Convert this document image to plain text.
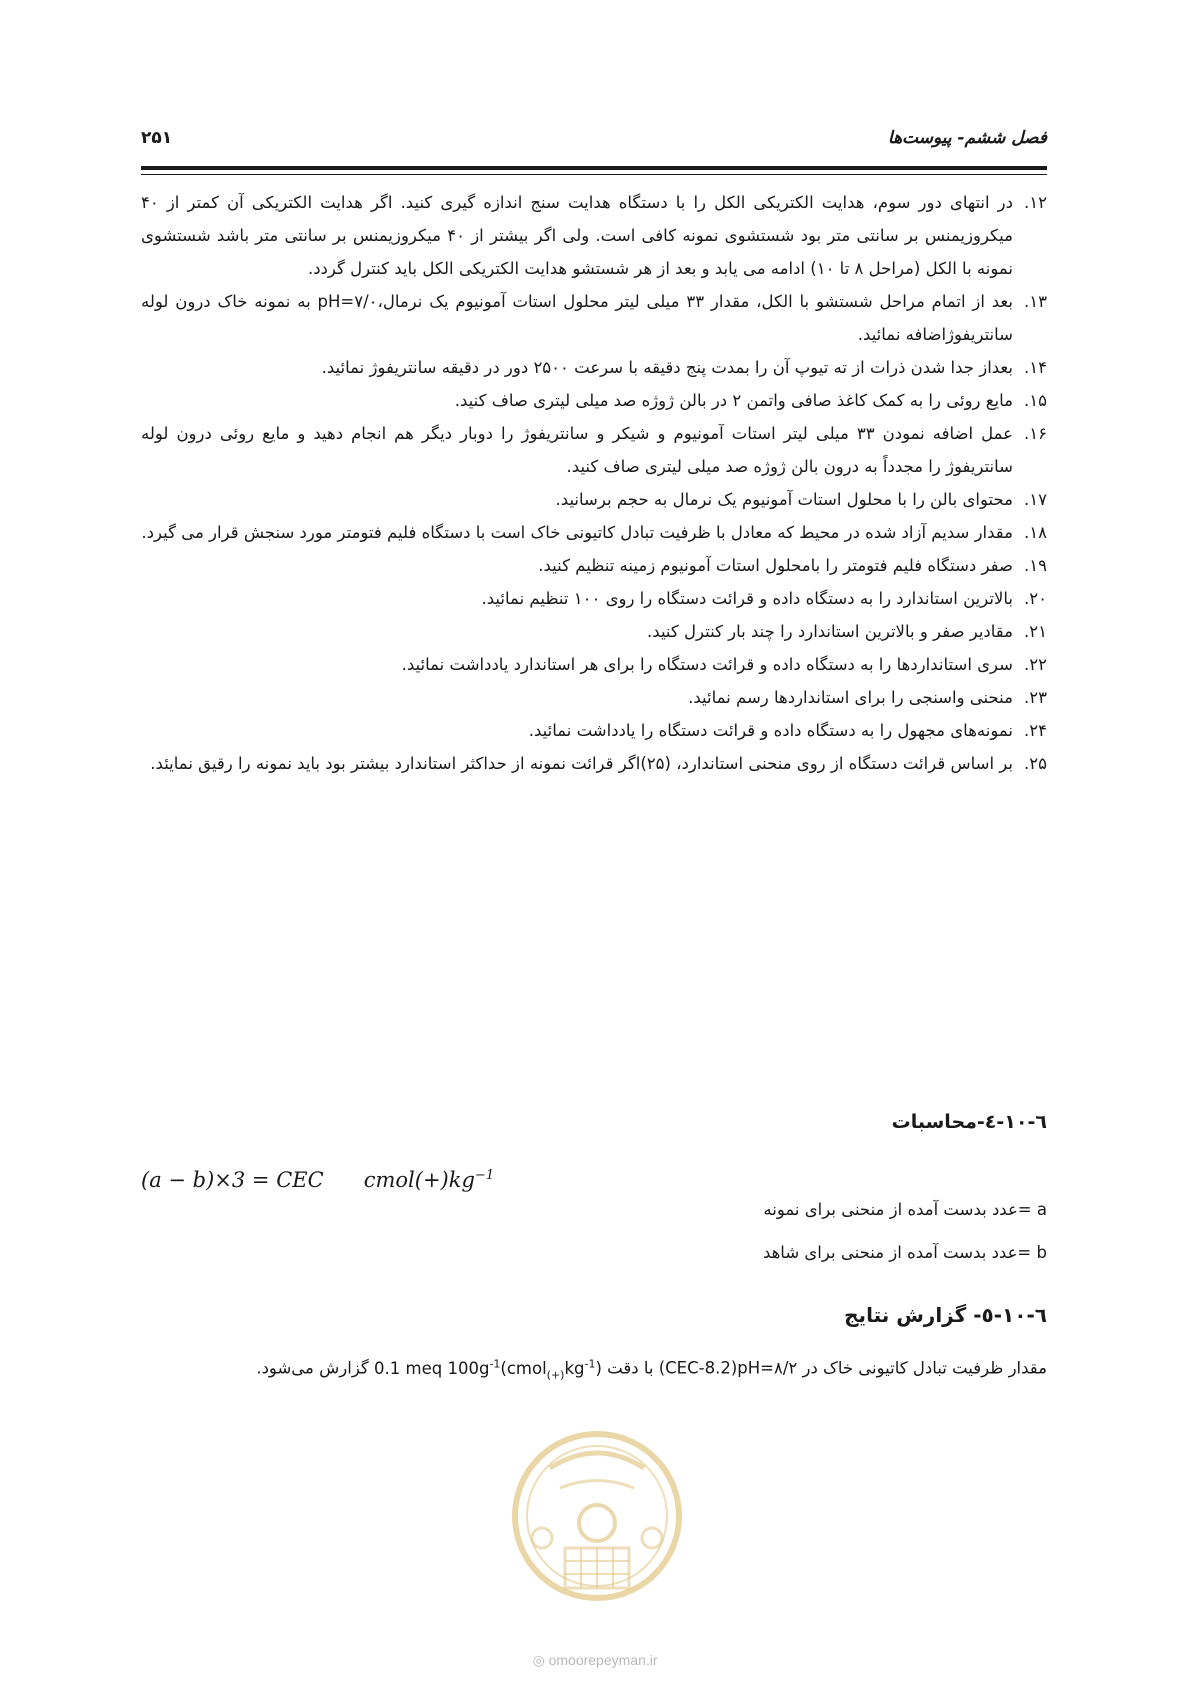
فصل ششم- پیوست‌ها
۲۵۱
۱۲.
در انتهای دور سوم، هدایت الکتریکی الکل را با دستگاه هدایت سنج اندازه گیری کنید. اگر هدایت الکتریکی آن کمتر از ۴۰ میکروزیمنس بر سانتی متر بود شستشوی نمونه کافی است. ولی اگر بیشتر از ۴۰ میکروزیمنس بر سانتی متر باشد شستشوی نمونه با الکل (مراحل ۸ تا ۱۰) ادامه می یابد و بعد از هر شستشو هدایت الکتریکی الکل باید کنترل گردد.
۱۳.
بعد از اتمام مراحل شستشو با الکل، مقدار ۳۳ میلی لیتر محلول استات آمونیوم یک نرمال،pH=۷/۰ به نمونه خاک درون لوله سانتریفوژاضافه نمائید.
۱۴.
بعداز جدا شدن ذرات از ته تیوپ آن را بمدت پنج دقیقه با سرعت ۲۵۰۰ دور در دقیقه سانتریفوژ نمائید.
۱۵.
مایع روئی را به کمک کاغذ صافی واتمن ۲ در بالن ژوژه صد میلی لیتری صاف کنید.
۱۶.
عمل اضافه نمودن ۳۳ میلی لیتر استات آمونیوم و شیکر و سانتریفوژ را دوبار دیگر هم انجام دهید و مایع روئی درون لوله سانتریفوژ را مجدداً به درون بالن ژوژه صد میلی لیتری صاف کنید.
۱۷.
محتوای بالن را با محلول استات آمونیوم یک نرمال به حجم برسانید.
۱۸.
مقدار سدیم آزاد شده در محیط که معادل با ظرفیت تبادل کاتیونی خاک است با دستگاه فلیم فتومتر مورد سنجش قرار می گیرد.
۱۹.
صفر دستگاه فلیم فتومتر را بامحلول استات آمونیوم زمینه تنظیم کنید.
۲۰.
بالاترین استاندارد را به دستگاه داده و قرائت دستگاه را روی ۱۰۰ تنظیم نمائید.
۲۱.
مقادیر صفر و بالاترین استاندارد را چند بار کنترل کنید.
۲۲.
سری استانداردها را به دستگاه داده و قرائت دستگاه را برای هر استاندارد یادداشت نمائید.
۲۳.
منحنی واسنجی را برای استانداردها رسم نمائید.
۲۴.
نمونه‌های مجهول را به دستگاه داده و قرائت دستگاه را یادداشت نمائید.
۲۵.
بر اساس قرائت دستگاه از روی منحنی استاندارد، (۲۵)اگر قرائت نمونه از حداکثر استاندارد بیشتر بود باید نمونه را رقیق نمایئد.
٦-١٠-٤-محاسبات
(a − b)×3 = CEC $cmol(+)kg^{-1}$
a =عدد بدست آمده از منحنی برای نمونه
b =عدد بدست آمده از منحنی برای شاهد
٦-١٠-٥- گزارش نتایج
مقدار ظرفیت تبادل کاتیونی خاک در (CEC-8.2)pH=۸/۲ با دقت 0.1 meq $100g^{-1}(cmol_{(+)}kg^{-1})$ گزارش می‌شود.
◎ omoorepeyman.ir
